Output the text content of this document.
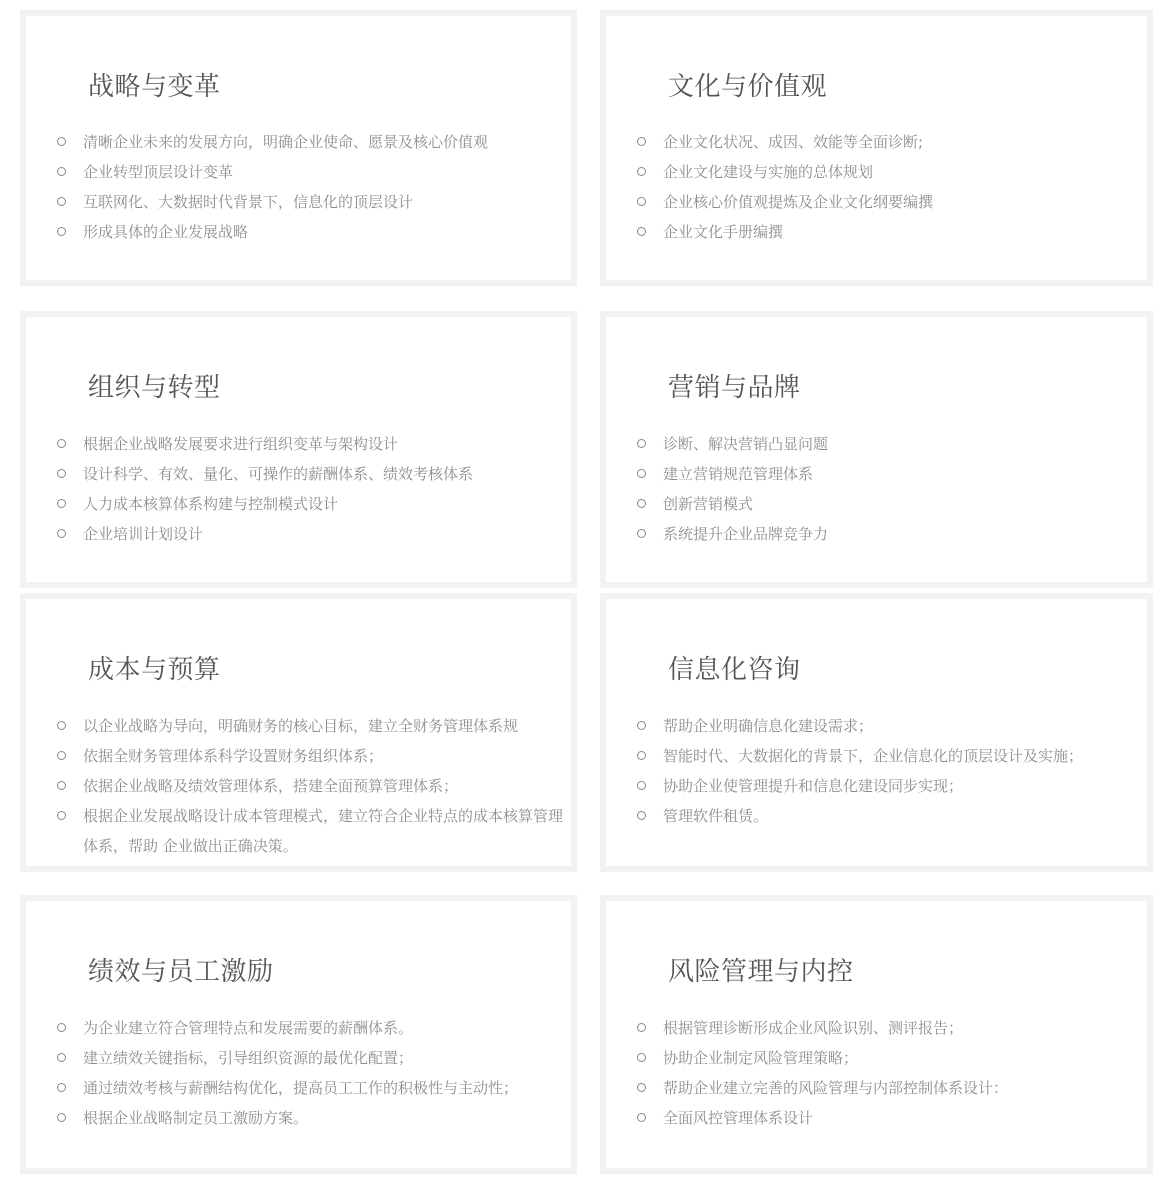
战略与变革
清晰企业未来的发展方向，明确企业使命、愿景及核心价值观
企业转型顶层设计变革
互联网化、大数据时代背景下，信息化的顶层设计
形成具体的企业发展战略
文化与价值观
企业文化状况、成因、效能等全面诊断;
企业文化建设与实施的总体规划
企业核心价值观提炼及企业文化纲要编撰
企业文化手册编撰
组织与转型
根据企业战略发展要求进行组织变革与架构设计
设计科学、有效、量化、可操作的薪酬体系、绩效考核体系
人力成本核算体系构建与控制模式设计
企业培训计划设计
营销与品牌
诊断、解决营销凸显问题
建立营销规范管理体系
创新营销模式
系统提升企业品牌竞争力
成本与预算
以企业战略为导向，明确财务的核心目标，建立全财务管理体系规
依据全财务管理体系科学设置财务组织体系；
依据企业战略及绩效管理体系，搭建全面预算管理体系；
根据企业发展战略设计成本管理模式，建立符合企业特点的成本核算管理体系，帮助 企业做出正确决策。
信息化咨询
帮助企业明确信息化建设需求；
智能时代、大数据化的背景下，企业信息化的顶层设计及实施；
协助企业使管理提升和信息化建设同步实现；
管理软件租赁。
绩效与员工激励
为企业建立符合管理特点和发展需要的薪酬体系。
建立绩效关键指标，引导组织资源的最优化配置；
通过绩效考核与薪酬结构优化，提高员工工作的积极性与主动性；
根据企业战略制定员工激励方案。
风险管理与内控
根据管理诊断形成企业风险识别、测评报告；
协助企业制定风险管理策略；
帮助企业建立完善的风险管理与内部控制体系设计：
全面风控管理体系设计
